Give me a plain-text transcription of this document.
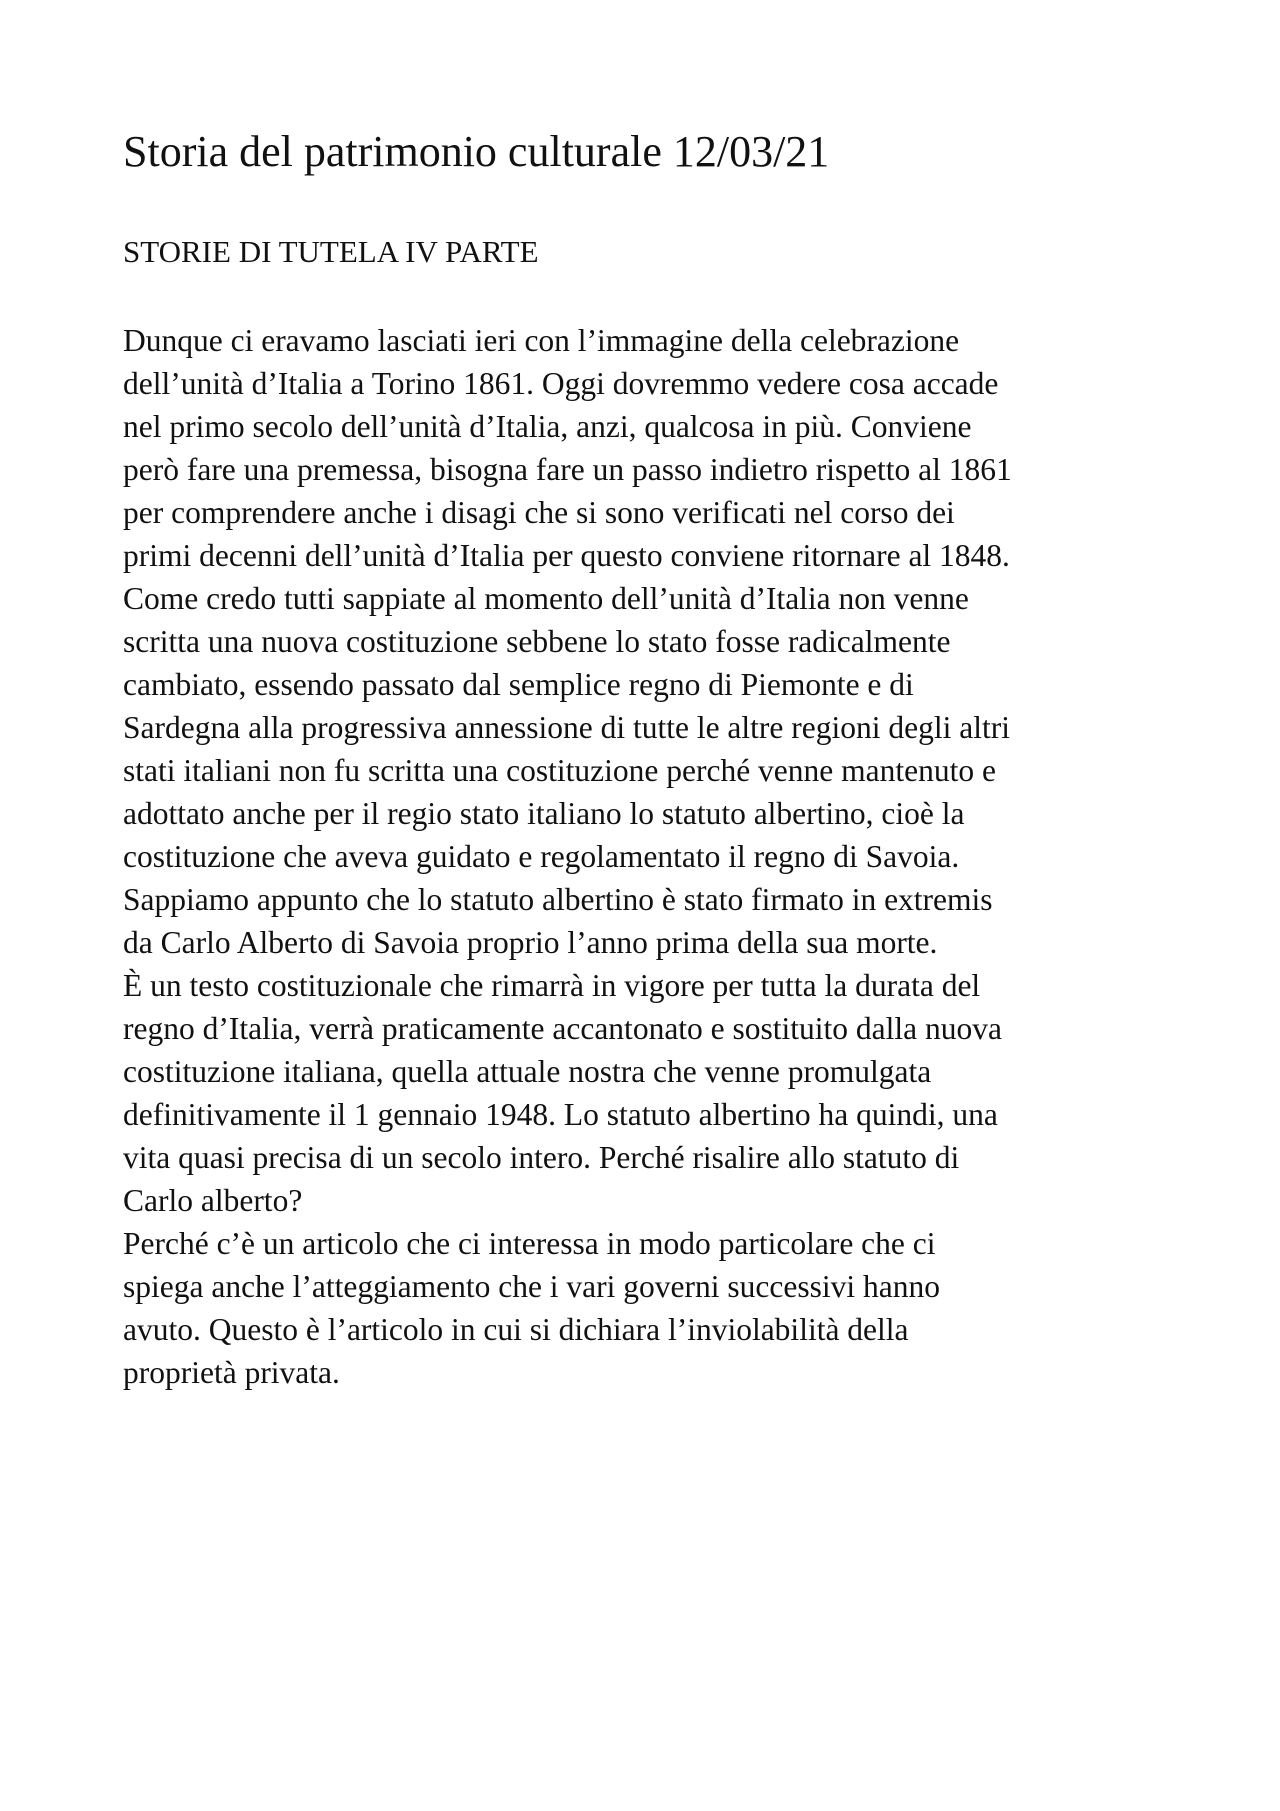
Storia del patrimonio culturale 12/03/21
STORIE DI TUTELA IV PARTE
Dunque ci eravamo lasciati ieri con l’immagine della celebrazione
dell’unità d’Italia a Torino 1861. Oggi dovremmo vedere cosa accade
nel primo secolo dell’unità d’Italia, anzi, qualcosa in più. Conviene
però fare una premessa, bisogna fare un passo indietro rispetto al 1861
per comprendere anche i disagi che si sono verificati nel corso dei
primi decenni dell’unità d’Italia per questo conviene ritornare al 1848.
Come credo tutti sappiate al momento dell’unità d’Italia non venne
scritta una nuova costituzione sebbene lo stato fosse radicalmente
cambiato, essendo passato dal semplice regno di Piemonte e di
Sardegna alla progressiva annessione di tutte le altre regioni degli altri
stati italiani non fu scritta una costituzione perché venne mantenuto e
adottato anche per il regio stato italiano lo statuto albertino, cioè la
costituzione che aveva guidato e regolamentato il regno di Savoia.
Sappiamo appunto che lo statuto albertino è stato firmato in extremis
da Carlo Alberto di Savoia proprio l’anno prima della sua morte.
È un testo costituzionale che rimarrà in vigore per tutta la durata del
regno d’Italia, verrà praticamente accantonato e sostituito dalla nuova
costituzione italiana, quella attuale nostra che venne promulgata
definitivamente il 1 gennaio 1948. Lo statuto albertino ha quindi, una
vita quasi precisa di un secolo intero. Perché risalire allo statuto di
Carlo alberto?
Perché c’è un articolo che ci interessa in modo particolare che ci
spiega anche l’atteggiamento che i vari governi successivi hanno
avuto. Questo è l’articolo in cui si dichiara l’inviolabilità della
proprietà privata.
